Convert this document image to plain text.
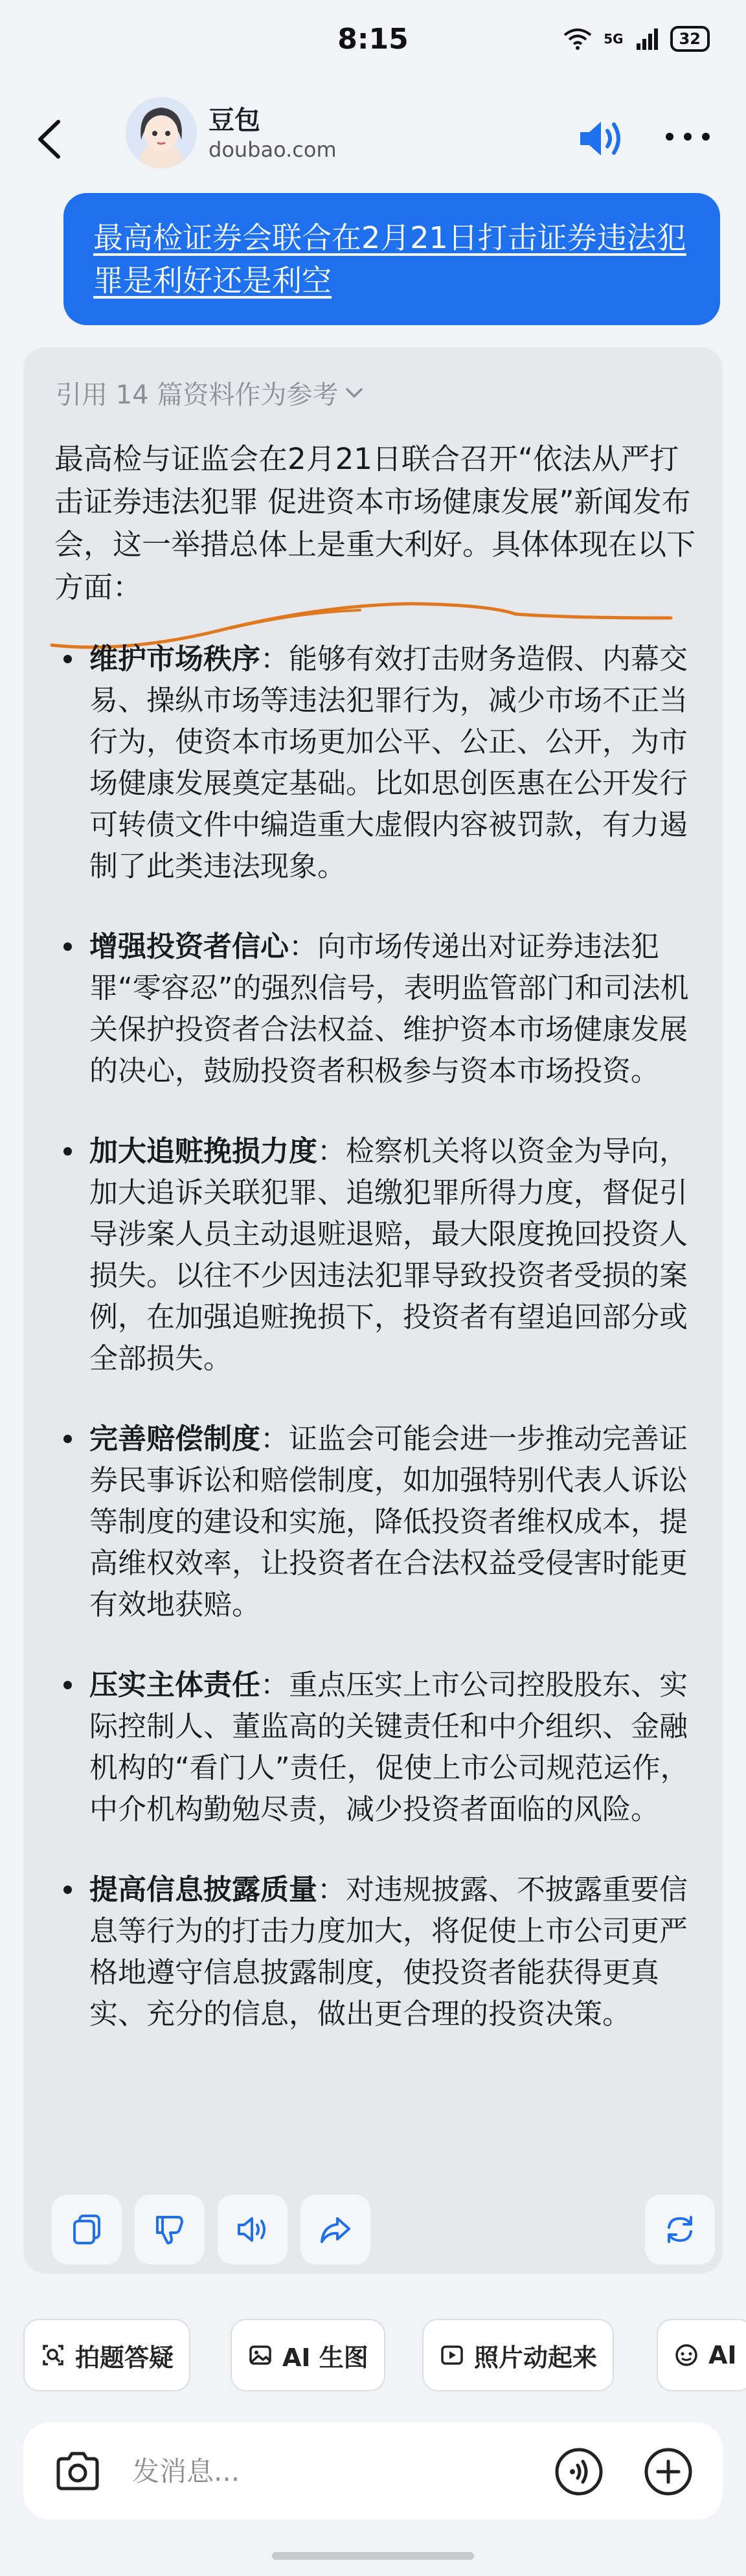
8:15	5G	32
豆包
doubao.com
最高检证券会联合在2月21日打击证券违法犯罪是利好还是利空
引用 14 篇资料作为参考
最高检与证监会在2月21日联合召开“依法从严打击证券违法犯罪 促进资本市场健康发展”新闻发布会，这一举措总体上是重大利好。具体体现在以下方面：
维护市场秩序：能够有效打击财务造假、内幕交易、操纵市场等违法犯罪行为，减少市场不正当行为，使资本市场更加公平、公正、公开，为市场健康发展奠定基础。比如思创医惠在公开发行可转债文件中编造重大虚假内容被罚款，有力遏制了此类违法现象。
增强投资者信心：向市场传递出对证券违法犯罪“零容忍”的强烈信号，表明监管部门和司法机关保护投资者合法权益、维护资本市场健康发展的决心，鼓励投资者积极参与资本市场投资。
加大追赃挽损力度：检察机关将以资金为导向，加大追诉关联犯罪、追缴犯罪所得力度，督促引导涉案人员主动退赃退赔，最大限度挽回投资人损失。以往不少因违法犯罪导致投资者受损的案例，在加强追赃挽损下，投资者有望追回部分或全部损失。
完善赔偿制度：证监会可能会进一步推动完善证券民事诉讼和赔偿制度，如加强特别代表人诉讼等制度的建设和实施，降低投资者维权成本，提高维权效率，让投资者在合法权益受侵害时能更有效地获赔。
压实主体责任：重点压实上市公司控股股东、实际控制人、董监高的关键责任和中介组织、金融机构的“看门人”责任，促使上市公司规范运作，中介机构勤勉尽责，减少投资者面临的风险。
提高信息披露质量：对违规披露、不披露重要信息等行为的打击力度加大，将促使上市公司更严格地遵守信息披露制度，使投资者能获得更真实、充分的信息，做出更合理的投资决策。
拍题答疑	AI 生图	照片动起来	AI
发消息...
